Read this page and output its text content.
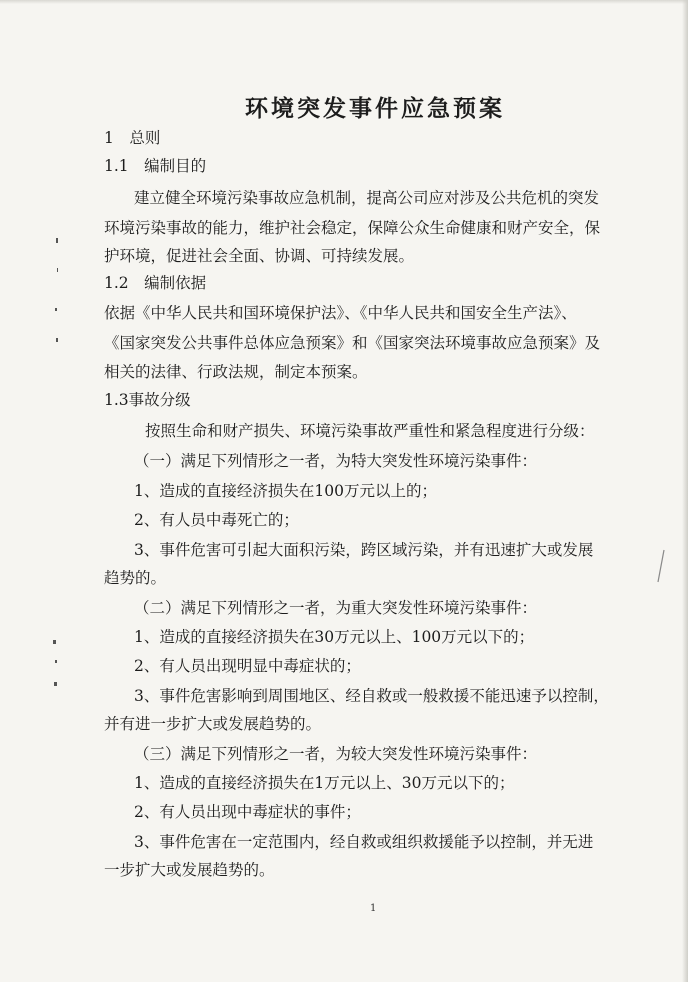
环境突发事件应急预案
1　总则
1.1　编制目的
建立健全环境污染事故应急机制，提高公司应对涉及公共危机的突发
环境污染事故的能力，维护社会稳定，保障公众生命健康和财产安全，保
护环境，促进社会全面、协调、可持续发展。
1.2　编制依据
依据《中华人民共和国环境保护法》、《中华人民共和国安全生产法》、
《国家突发公共事件总体应急预案》和《国家突法环境事故应急预案》及
相关的法律、行政法规，制定本预案。
1.3事故分级
按照生命和财产损失、环境污染事故严重性和紧急程度进行分级：
（一）满足下列情形之一者，为特大突发性环境污染事件：
1、造成的直接经济损失在100万元以上的；
2、有人员中毒死亡的；
3、事件危害可引起大面积污染，跨区域污染，并有迅速扩大或发展
趋势的。
（二）满足下列情形之一者，为重大突发性环境污染事件：
1、造成的直接经济损失在30万元以上、100万元以下的；
2、有人员出现明显中毒症状的；
3、事件危害影响到周围地区、经自救或一般救援不能迅速予以控制，
并有进一步扩大或发展趋势的。
（三）满足下列情形之一者，为较大突发性环境污染事件：
1、造成的直接经济损失在1万元以上、30万元以下的；
2、有人员出现中毒症状的事件；
3、事件危害在一定范围内，经自救或组织救援能予以控制，并无进
一步扩大或发展趋势的。
1
